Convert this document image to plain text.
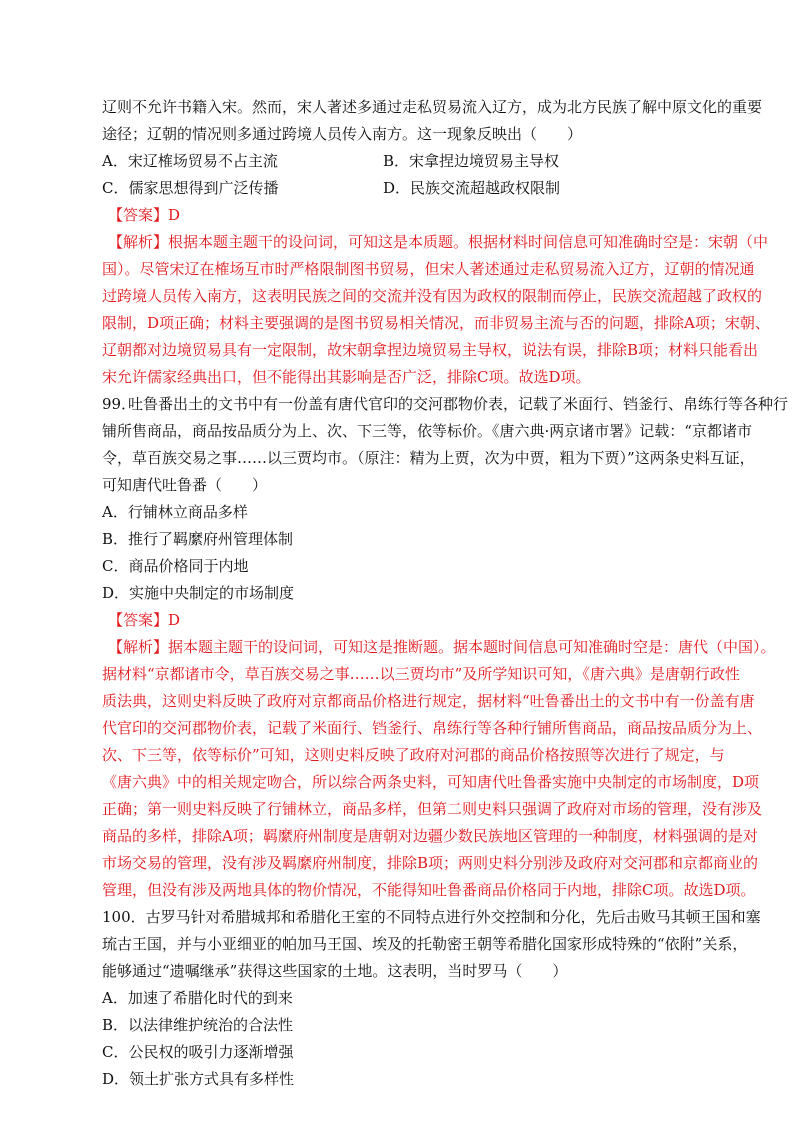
辽则不允许书籍入宋。然而，宋人著述多通过走私贸易流入辽方，成为北方民族了解中原文化的重要
途径；辽朝的情况则多通过跨境人员传入南方。这一现象反映出（　　）
A．宋辽榷场贸易不占主流	B．宋拿捏边境贸易主导权
C．儒家思想得到广泛传播	D．民族交流超越政权限制
【答案】D
【解析】根据本题主题干的设问词，可知这是本质题。根据材料时间信息可知准确时空是：宋朝（中
国）。尽管宋辽在榷场互市时严格限制图书贸易，但宋人著述通过走私贸易流入辽方，辽朝的情况通
过跨境人员传入南方，这表明民族之间的交流并没有因为政权的限制而停止，民族交流超越了政权的
限制，D项正确；材料主要强调的是图书贸易相关情况，而非贸易主流与否的问题，排除A项；宋朝、
辽朝都对边境贸易具有一定限制，故宋朝拿捏边境贸易主导权，说法有误，排除B项；材料只能看出
宋允许儒家经典出口，但不能得出其影响是否广泛，排除C项。故选D项。
99．
吐鲁番出土的文书中有一份盖有唐代官印的交河郡物价表，记载了米面行、铛釜行、帛练行等各种行
铺所售商品，商品按品质分为上、次、下三等，依等标价。《唐六典·两京诸市署》记载：“京都诸市
令，草百族交易之事……以三贾均市。（原注：精为上贾，次为中贾，粗为下贾）”这两条史料互证，
可知唐代吐鲁番（　　）
A．行铺林立商品多样
B．推行了羁縻府州管理体制
C．商品价格同于内地
D．实施中央制定的市场制度
【答案】D
【解析】据本题主题干的设问词，可知这是推断题。据本题时间信息可知准确时空是：唐代（中国）。
据材料“京都诸市令，草百族交易之事……以三贾均市”及所学知识可知，《唐六典》是唐朝行政性
质法典，这则史料反映了政府对京都商品价格进行规定，据材料“吐鲁番出土的文书中有一份盖有唐
代官印的交河郡物价表，记载了米面行、铛釜行、帛练行等各种行铺所售商品，商品按品质分为上、
次、下三等，依等标价”可知，这则史料反映了政府对河郡的商品价格按照等次进行了规定，与
《唐六典》中的相关规定吻合，所以综合两条史料，可知唐代吐鲁番实施中央制定的市场制度，D项
正确；第一则史料反映了行铺林立，商品多样，但第二则史料只强调了政府对市场的管理，没有涉及
商品的多样，排除A项；羁縻府州制度是唐朝对边疆少数民族地区管理的一种制度，材料强调的是对
市场交易的管理，没有涉及羁縻府州制度，排除B项；两则史料分别涉及政府对交河郡和京都商业的
管理，但没有涉及两地具体的物价情况，不能得知吐鲁番商品价格同于内地，排除C项。故选D项。
100．古罗马针对希腊城邦和希腊化王室的不同特点进行外交控制和分化，先后击败马其顿王国和塞
琉古王国，并与小亚细亚的帕加马王国、埃及的托勒密王朝等希腊化国家形成特殊的“依附”关系，
能够通过“遗嘱继承”获得这些国家的土地。这表明，当时罗马（　　）
A．加速了希腊化时代的到来
B．以法律维护统治的合法性
C．公民权的吸引力逐渐增强
D．领土扩张方式具有多样性
